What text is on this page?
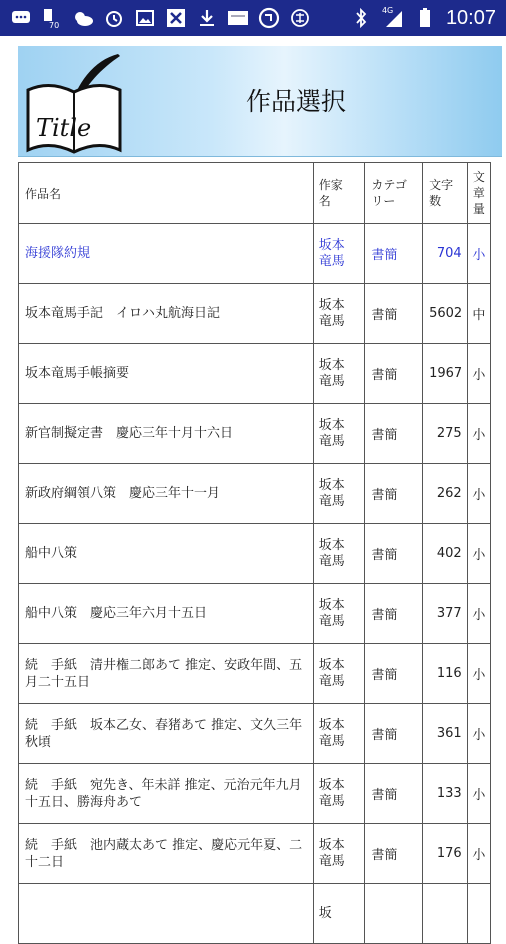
70
4G	10:07
Title
作品選択
作品名	作家名	カテゴリー	文字数	文章量

海援隊約規	坂本竜馬	書簡	704	小

坂本竜馬手記　イロハ丸航海日記	坂本竜馬	書簡	5602	中

坂本竜馬手帳摘要	坂本竜馬	書簡	1967	小

新官制擬定書　慶応三年十月十六日	坂本竜馬	書簡	275	小

新政府綱領八策　慶応三年十一月	坂本竜馬	書簡	262	小

船中八策	坂本竜馬	書簡	402	小

船中八策　慶応三年六月十五日	坂本竜馬	書簡	377	小

続　手紙　清井権二郎あて 推定、安政年間、五月二十五日	坂本竜馬	書簡	116	小

続　手紙　坂本乙女、春猪あて 推定、文久三年秋頃	坂本竜馬	書簡	361	小

続　手紙　宛先き、年未詳 推定、元治元年九月十五日、勝海舟あて	坂本竜馬	書簡	133	小

続　手紙　池内蔵太あて 推定、慶応元年夏、二十二日	坂本竜馬	書簡	176	小

	坂			
